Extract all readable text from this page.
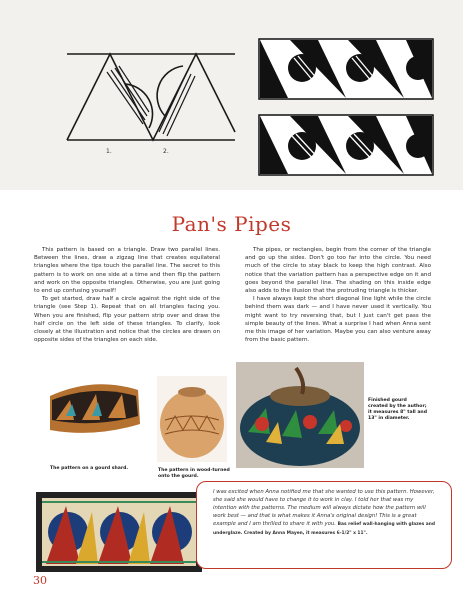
1.	2.
Pan's Pipes

This pattern is based on a triangle. Draw two parallel lines. Between the lines, draw a zigzag line that creates equilateral triangles where the tips touch the parallel line. The secret to this pattern is to work on one side at a time and then flip the pattern and work on the opposite triangles. Otherwise, you are just going to end up confusing yourself!

To get started, draw half a circle against the right side of the triangle (see Step 1). Repeat that on all triangles facing you. When you are finished, flip your pattern strip over and draw the half circle on the left side of these triangles. To clarify, look closely at the illustration and notice that the circles are drawn on opposite sides of the triangles on each side.

The pipes, or rectangles, begin from the corner of the triangle and go up the sides. Don't go too far into the circle. You need much of the circle to stay black to keep the high contrast. Also notice that the variation pattern has a perspective edge on it and goes beyond the parallel line. The shading on this inside edge also adds to the illusion that the protruding triangle is thicker.

I have always kept the short diagonal line light while the circle behind them was dark — and I have never used it vertically. You might want to try reversing that, but I just can't get pass the simple beauty of the lines. What a surprise I had when Anna sent me this image of her variation. Maybe you can also venture away from the basic pattern.

The pattern on a gourd shard.	The pattern in wood-turned onto the gourd.
Finished gourd created by the author; it measures 8" tall and 13" in diameter.
I was excited when Anna notified me that she wanted to use this pattern. However, she said she would have to change it to work in clay. I told her that was my intention with the patterns. The medium will always dictate how the pattern will work best — and that is what makes it Anna's original design! This is a great example and I am thrilled to share it with you. Bas relief wall-hanging with glazes and underglaze. Created by Anna Mayen, it measures 6-1/2" x 11".
30
